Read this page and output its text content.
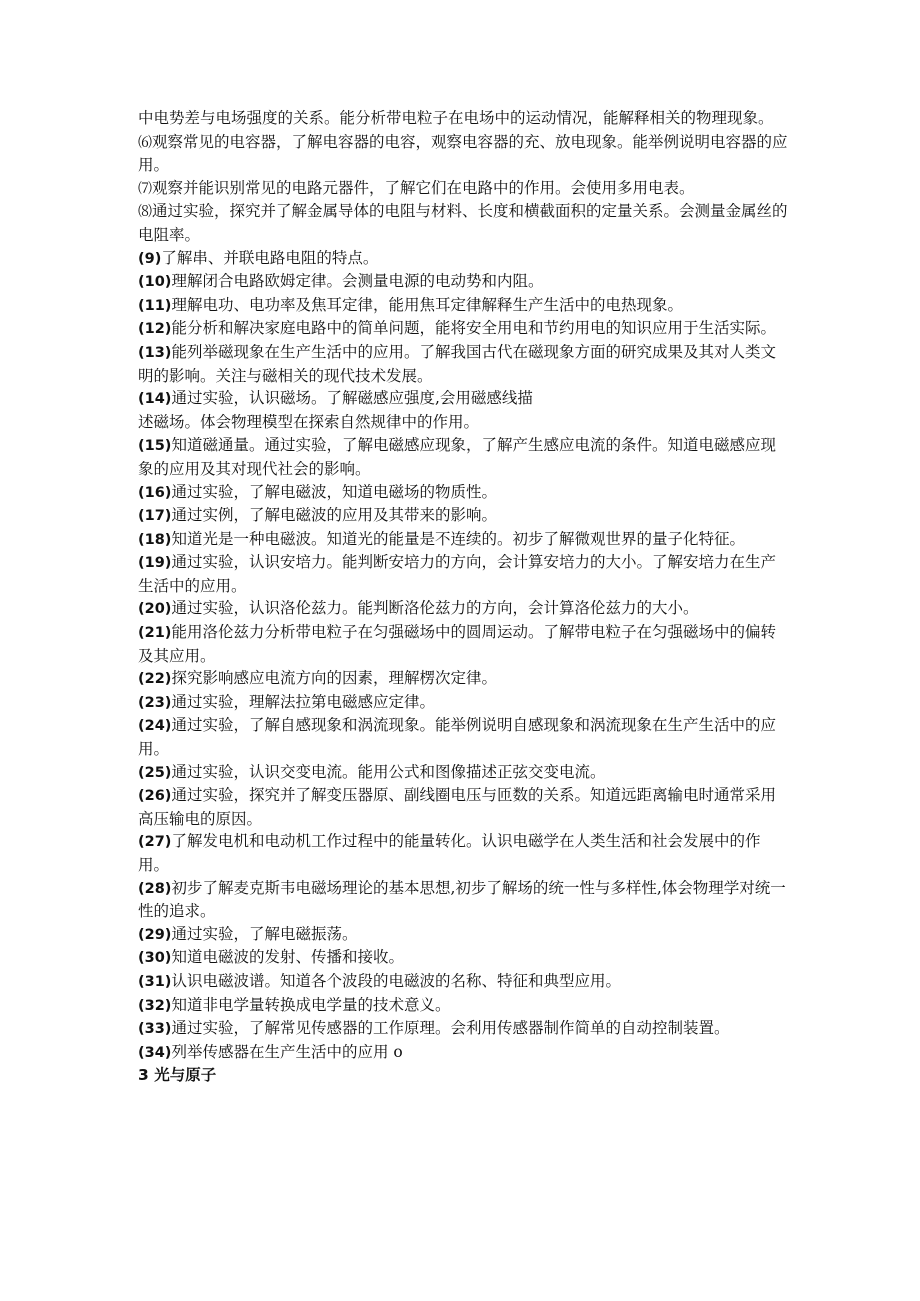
中电势差与电场强度的关系。能分析带电粒子在电场中的运动情况，能解释相关的物理现象。

⑹观察常见的电容器，了解电容器的电容，观察电容器的充、放电现象。能举例说明电容器的应用。

⑺观察并能识别常见的电路元器件，了解它们在电路中的作用。会使用多用电表。

⑻通过实验，探究并了解金属导体的电阻与材料、长度和横截面积的定量关系。会测量金属丝的电阻率。

(9)了解串、并联电路电阻的特点。

(10)理解闭合电路欧姆定律。会测量电源的电动势和内阻。

(11)理解电功、电功率及焦耳定律，能用焦耳定律解释生产生活中的电热现象。

(12)能分析和解决家庭电路中的简单问题，能将安全用电和节约用电的知识应用于生活实际。

(13)能列举磁现象在生产生活中的应用。了解我国古代在磁现象方面的研究成果及其对人类文明的影响。关注与磁相关的现代技术发展。

(14)通过实验，认识磁场。了解磁感应强度,会用磁感线描

述磁场。体会物理模型在探索自然规律中的作用。

(15)知道磁通量。通过实验，了解电磁感应现象，了解产生感应电流的条件。知道电磁感应现象的应用及其对现代社会的影响。

(16)通过实验，了解电磁波，知道电磁场的物质性。

(17)通过实例，了解电磁波的应用及其带来的影响。

(18)知道光是一种电磁波。知道光的能量是不连续的。初步了解微观世界的量子化特征。

(19)通过实验，认识安培力。能判断安培力的方向，会计算安培力的大小。了解安培力在生产生活中的应用。

(20)通过实验，认识洛伦兹力。能判断洛伦兹力的方向，会计算洛伦兹力的大小。

(21)能用洛伦兹力分析带电粒子在匀强磁场中的圆周运动。了解带电粒子在匀强磁场中的偏转及其应用。

(22)探究影响感应电流方向的因素，理解楞次定律。

(23)通过实验，理解法拉第电磁感应定律。

(24)通过实验，了解自感现象和涡流现象。能举例说明自感现象和涡流现象在生产生活中的应用。

(25)通过实验，认识交变电流。能用公式和图像描述正弦交变电流。

(26)通过实验，探究并了解变压器原、副线圈电压与匝数的关系。知道远距离输电时通常采用高压输电的原因。

(27)了解发电机和电动机工作过程中的能量转化。认识电磁学在人类生活和社会发展中的作用。

(28)初步了解麦克斯韦电磁场理论的基本思想,初步了解场的统一性与多样性,体会物理学对统一性的追求。

(29)通过实验，了解电磁振荡。

(30)知道电磁波的发射、传播和接收。

(31)认识电磁波谱。知道各个波段的电磁波的名称、特征和典型应用。

(32)知道非电学量转换成电学量的技术意义。

(33)通过实验，了解常见传感器的工作原理。会利用传感器制作简单的自动控制装置。

(34)列举传感器在生产生活中的应用 o

3 光与原子
